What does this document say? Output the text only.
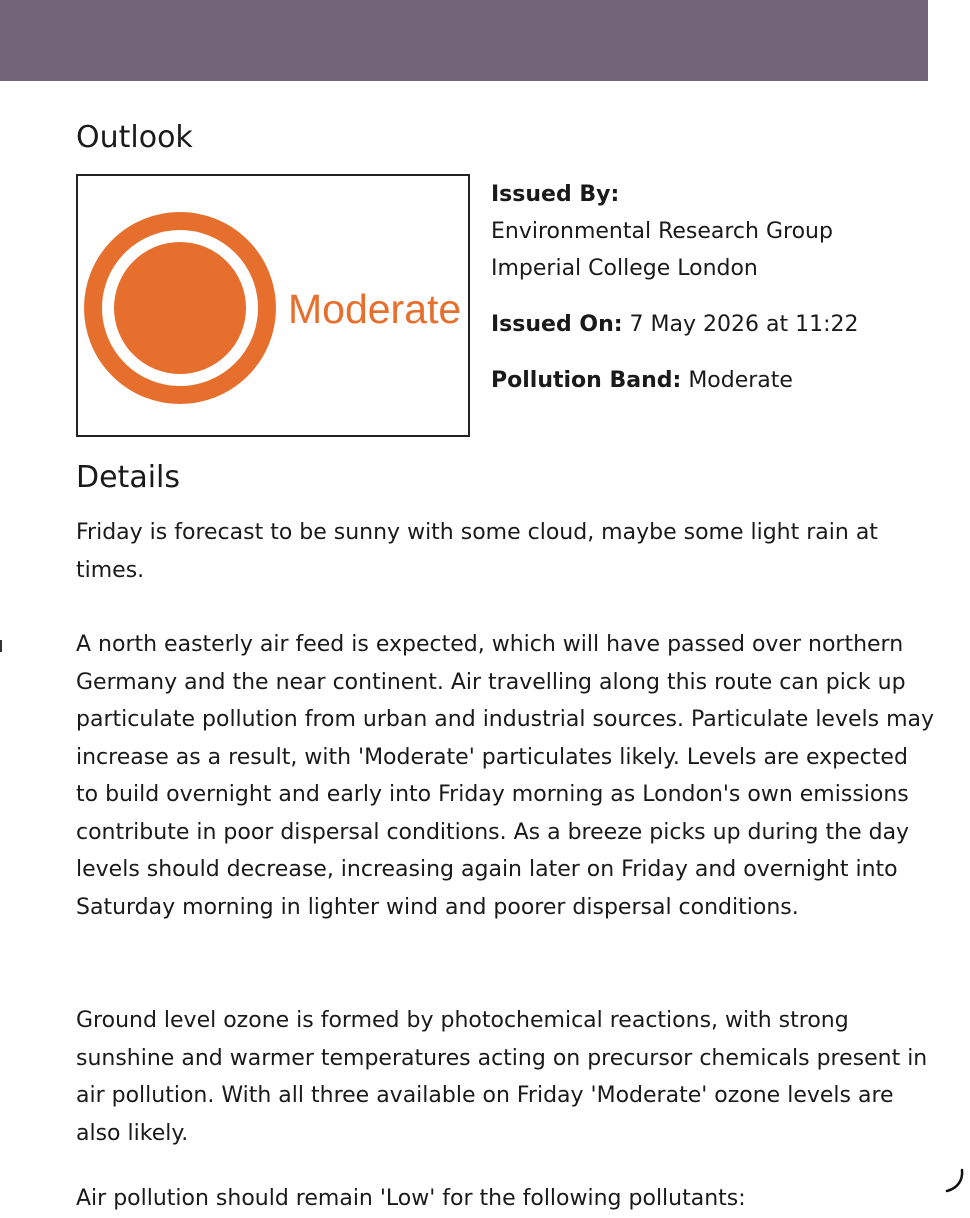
Outlook
Moderate

Issued By:
Environmental Research Group
Imperial College London

Issued On: 7 May 2026 at 11:22

Pollution Band: Moderate

Details

Friday is forecast to be sunny with some cloud, maybe some light rain at times.

A north easterly air feed is expected, which will have passed over northern Germany and the near continent. Air travelling along this route can pick up particulate pollution from urban and industrial sources. Particulate levels may increase as a result, with 'Moderate' particulates likely. Levels are expected to build overnight and early into Friday morning as London's own emissions contribute in poor dispersal conditions. As a breeze picks up during the day levels should decrease, increasing again later on Friday and overnight into Saturday morning in lighter wind and poorer dispersal conditions.

Ground level ozone is formed by photochemical reactions, with strong sunshine and warmer temperatures acting on precursor chemicals present in air pollution. With all three available on Friday 'Moderate' ozone levels are also likely.

Air pollution should remain 'Low' for the following pollutants:
